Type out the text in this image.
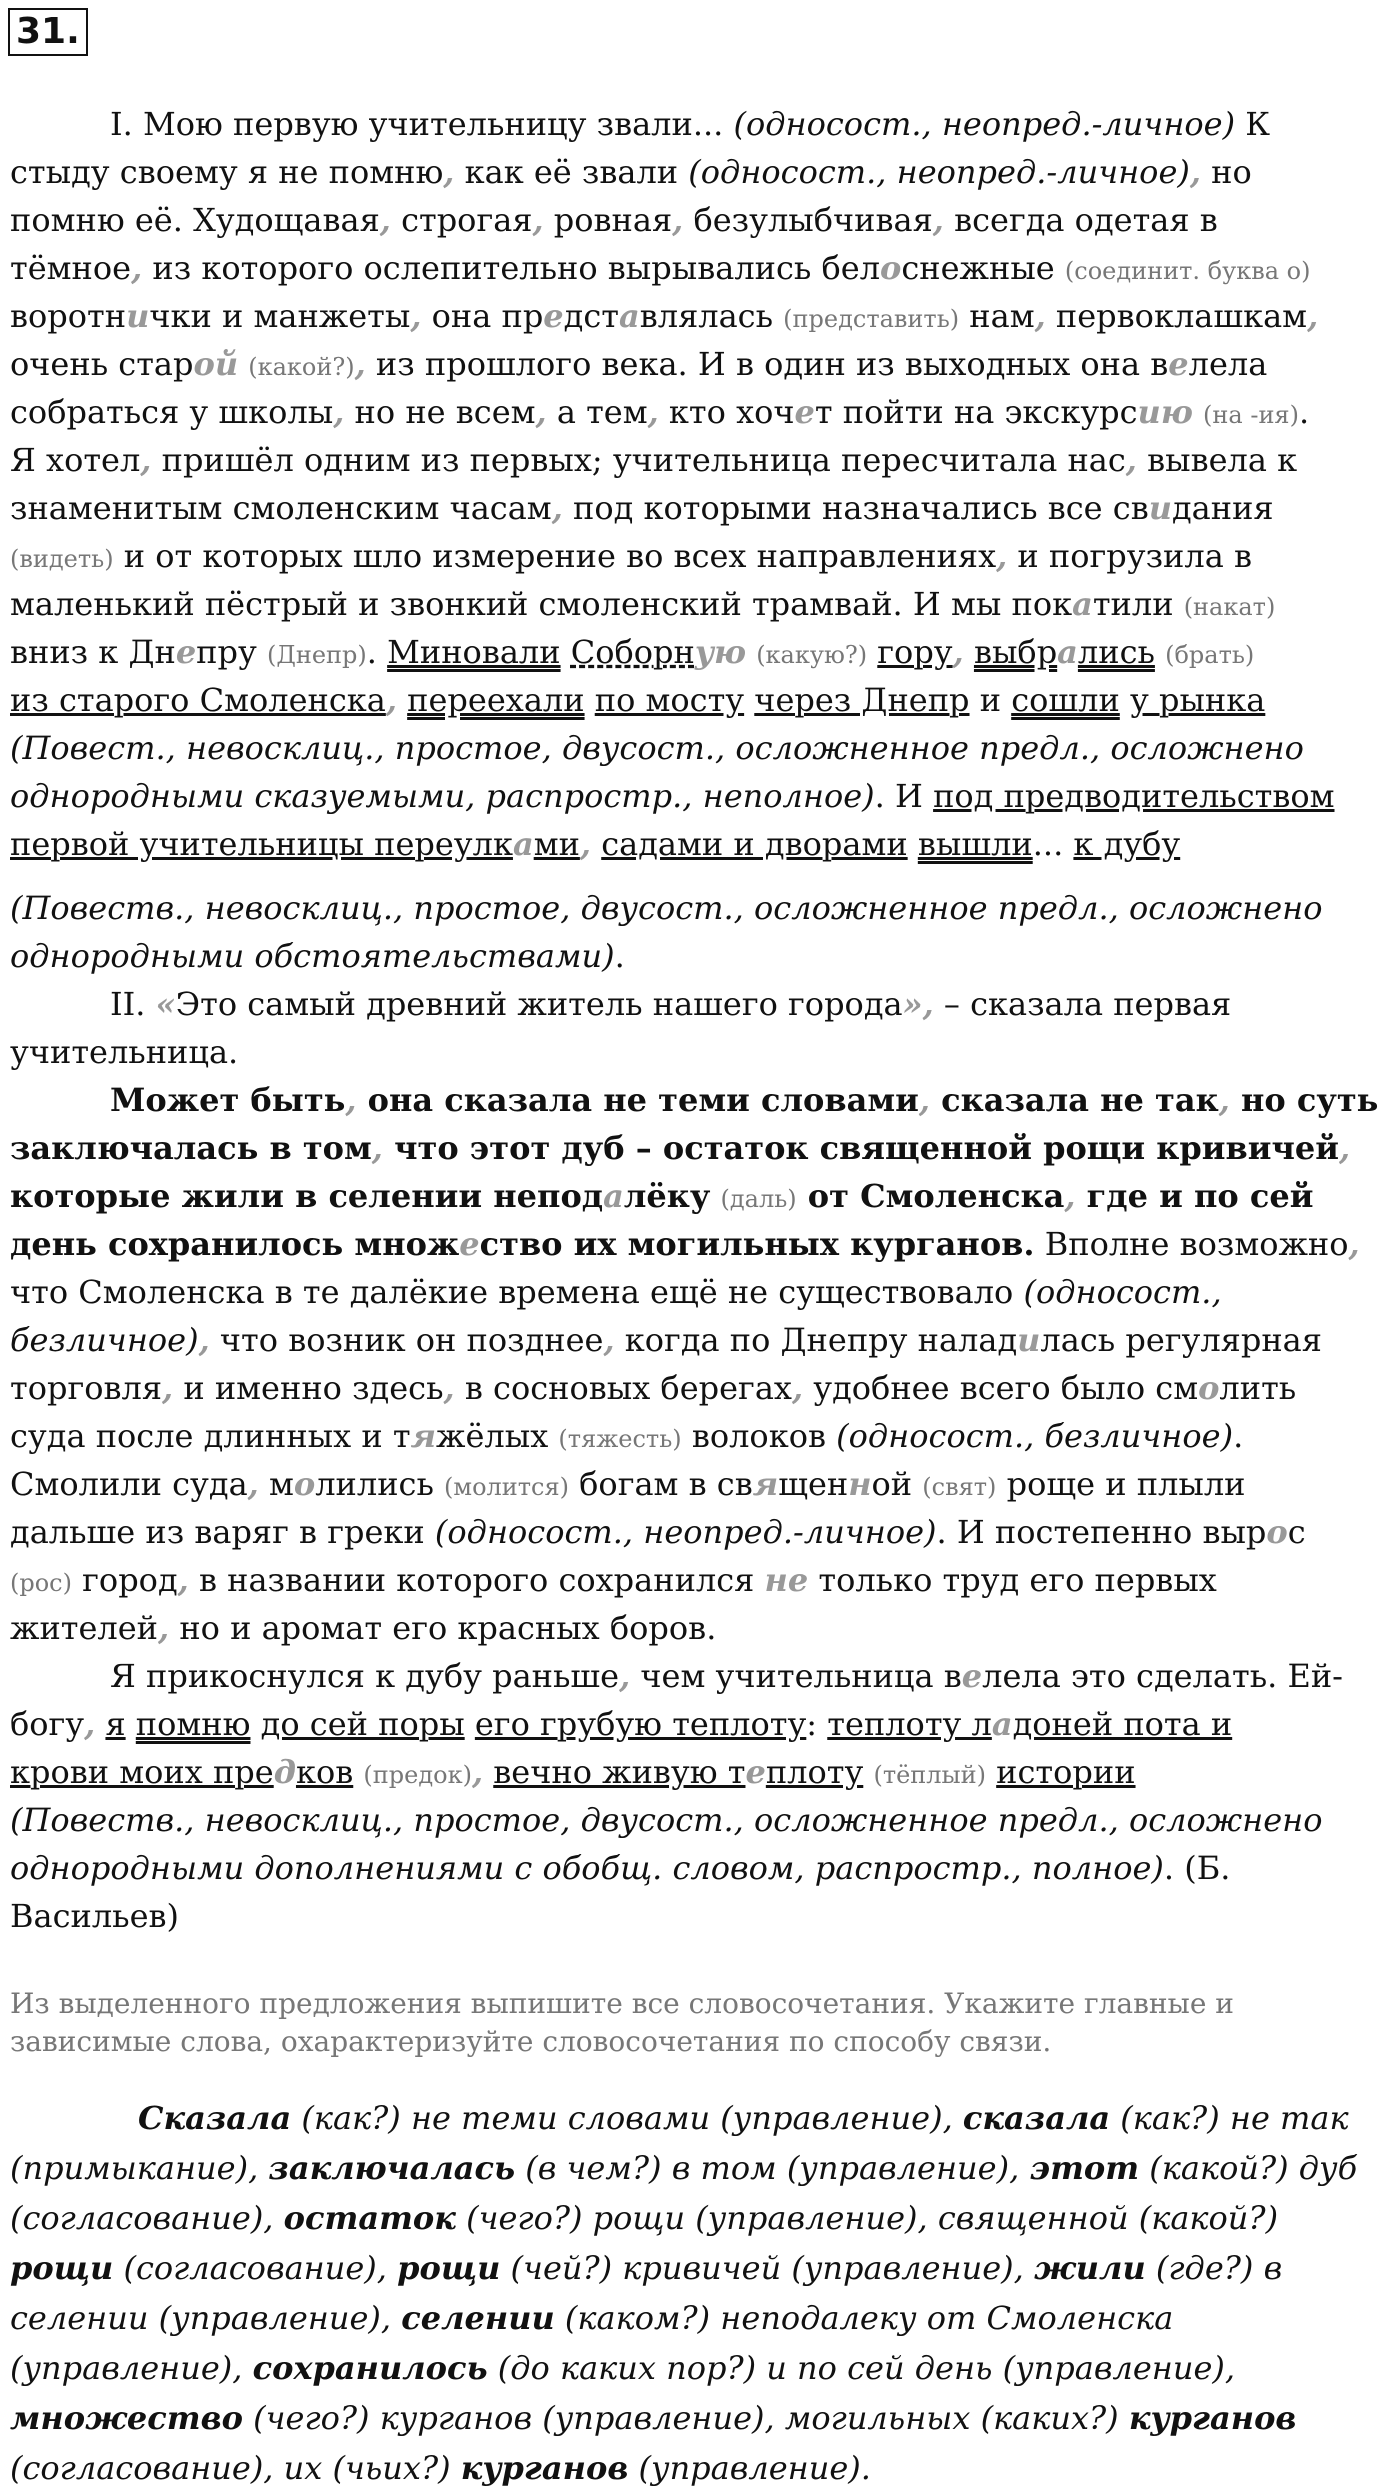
31.
I. Мою первую учительницу звали... (односост., неопред.-личное) К
стыду своему я не помню, как её звали (односост., неопред.-личное), но
помню её. Худощавая, строгая, ровная, безулыбчивая, всегда одетая в
тёмное, из которого ослепительно вырывались белоснежные (соединит. буква о)
воротнички и манжеты, она представлялась (представить) нам, первоклашкам,
очень старой (какой?), из прошлого века. И в один из выходных она велела
собраться у школы, но не всем, а тем, кто хочет пойти на экскурсию (на -ия).
Я хотел, пришёл одним из первых; учительница пересчитала нас, вывела к
знаменитым смоленским часам, под которыми назначались все свидания
(видеть) и от которых шло измерение во всех направлениях, и погрузила в
маленький пёстрый и звонкий смоленский трамвай. И мы покатили (накат)
вниз к Днепру (Днепр). Миновали Соборную (какую?) гору, выбрались (брать)
из старого Смоленска, переехали по мосту через Днепр и сошли у рынка
(Повест., невосклиц., простое, двусост., осложненное предл., осложнено
однородными сказуемыми, распростр., неполное). И под предводительством
первой учительницы переулками, садами и дворами вышли... к дубу
(Повеств., невосклиц., простое, двусост., осложненное предл., осложнено
однородными обстоятельствами).
II. «Это самый древний житель нашего города», – сказала первая
учительница.
Может быть, она сказала не теми словами, сказала не так, но суть
заключалась в том, что этот дуб – остаток священной рощи кривичей,
которые жили в селении неподалёку (даль) от Смоленска, где и по сей
день сохранилось множество их могильных курганов. Вполне возможно,
что Смоленска в те далёкие времена ещё не существовало (односост.,
безличное), что возник он позднее, когда по Днепру наладилась регулярная
торговля, и именно здесь, в сосновых берегах, удобнее всего было смолить
суда после длинных и тяжёлых (тяжесть) волоков (односост., безличное).
Смолили суда, молились (молится) богам в священной (свят) роще и плыли
дальше из варяг в греки (односост., неопред.-личное). И постепенно вырос
(рос) город, в названии которого сохранился не только труд его первых
жителей, но и аромат его красных боров.
Я прикоснулся к дубу раньше, чем учительница велела это сделать. Ей-
богу, я помню до сей поры его грубую теплоту: теплоту ладоней пота и
крови моих предков (предок), вечно живую теплоту (тёплый) истории
(Повеств., невосклиц., простое, двусост., осложненное предл., осложнено
однородными дополнениями с обобщ. словом, распростр., полное). (Б.
Васильев)
Из выделенного предложения выпишите все словосочетания. Укажите главные и зависимые слова, охарактеризуйте словосочетания по способу связи.
Сказала (как?) не теми словами (управление), сказала (как?) не так
(примыкание), заключалась (в чем?) в том (управление), этот (какой?) дуб
(согласование), остаток (чего?) рощи (управление), священной (какой?)
рощи (согласование), рощи (чей?) кривичей (управление), жили (где?) в
селении (управление), селении (каком?) неподалеку от Смоленска
(управление), сохранилось (до каких пор?) и по сей день (управление),
множество (чего?) курганов (управление), могильных (каких?) курганов
(согласование), их (чьих?) курганов (управление).
